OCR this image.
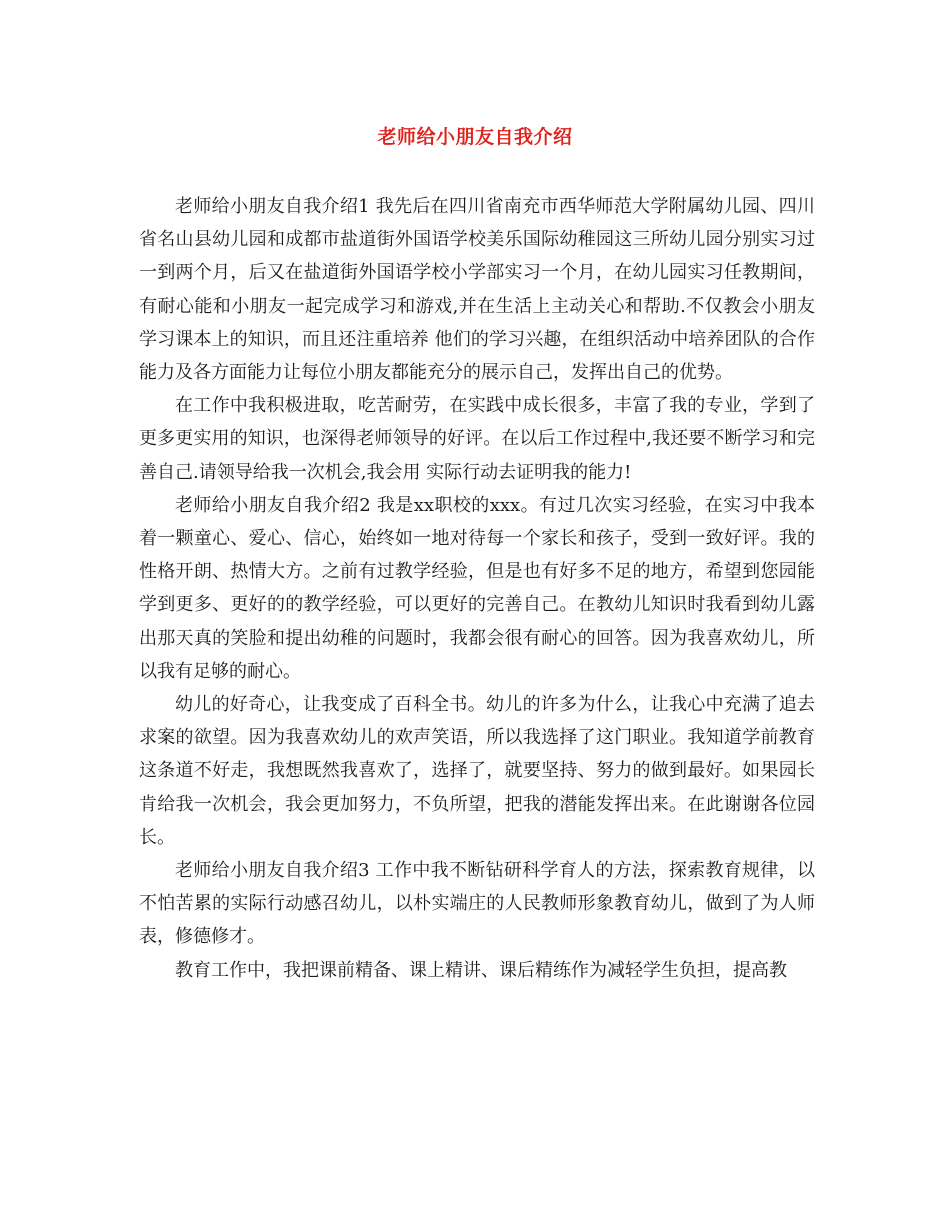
老师给小朋友自我介绍

老师给小朋友自我介绍1 我先后在四川省南充市西华师范大学附属幼儿园、四川省名山县幼儿园和成都市盐道街外国语学校美乐国际幼稚园这三所幼儿园分别实习过一到两个月，后又在盐道街外国语学校小学部实习一个月，在幼儿园实习任教期间，有耐心能和小朋友一起完成学习和游戏,并在生活上主动关心和帮助.不仅教会小朋友学习课本上的知识，而且还注重培养 他们的学习兴趣，在组织活动中培养团队的合作能力及各方面能力让每位小朋友都能充分的展示自己，发挥出自己的优势。

在工作中我积极进取，吃苦耐劳，在实践中成长很多，丰富了我的专业，学到了更多更实用的知识，也深得老师领导的好评。在以后工作过程中,我还要不断学习和完善自己.请领导给我一次机会,我会用 实际行动去证明我的能力!

老师给小朋友自我介绍2 我是xx职校的xxx。有过几次实习经验，在实习中我本着一颗童心、爱心、信心，始终如一地对待每一个家长和孩子，受到一致好评。我的性格开朗、热情大方。之前有过教学经验，但是也有好多不足的地方，希望到您园能学到更多、更好的的教学经验，可以更好的完善自己。在教幼儿知识时我看到幼儿露出那天真的笑脸和提出幼稚的问题时，我都会很有耐心的回答。因为我喜欢幼儿，所以我有足够的耐心。

幼儿的好奇心，让我变成了百科全书。幼儿的许多为什么，让我心中充满了追去求案的欲望。因为我喜欢幼儿的欢声笑语，所以我选择了这门职业。我知道学前教育这条道不好走，我想既然我喜欢了，选择了，就要坚持、努力的做到最好。如果园长肯给我一次机会，我会更加努力，不负所望，把我的潜能发挥出来。在此谢谢各位园长。

老师给小朋友自我介绍3 工作中我不断钻研科学育人的方法，探索教育规律，以不怕苦累的实际行动感召幼儿，以朴实端庄的人民教师形象教育幼儿，做到了为人师表，修德修才。

教育工作中，我把课前精备、课上精讲、课后精练作为减轻学生负担，提高教
